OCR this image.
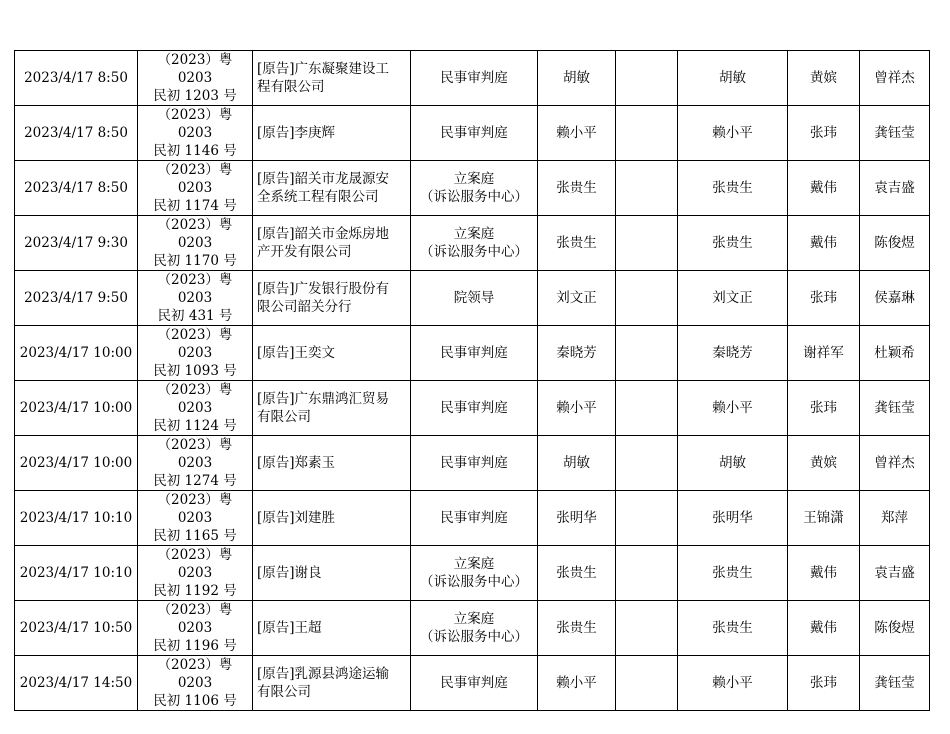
2023/4/17 8:50	（2023）粤 0203
民初 1203 号	[原告]广东凝聚建设工
程有限公司	民事审判庭	胡敏		胡敏	黄嫔	曾祥杰
2023/4/17 8:50	（2023）粤 0203
民初 1146 号	[原告]李庚辉	民事审判庭	赖小平		赖小平	张玮	龚钰莹
2023/4/17 8:50	（2023）粤 0203
民初 1174 号	[原告]韶关市龙晟源安
全系统工程有限公司	立案庭
（诉讼服务中心）	张贵生		张贵生	戴伟	袁吉盛
2023/4/17 9:30	（2023）粤 0203
民初 1170 号	[原告]韶关市金烁房地
产开发有限公司	立案庭
（诉讼服务中心）	张贵生		张贵生	戴伟	陈俊煜
2023/4/17 9:50	（2023）粤 0203
民初 431 号	[原告]广发银行股份有
限公司韶关分行	院领导	刘文正		刘文正	张玮	侯嘉琳
2023/4/17 10:00	（2023）粤 0203
民初 1093 号	[原告]王奕文	民事审判庭	秦晓芳		秦晓芳	谢祥军	杜颖希
2023/4/17 10:00	（2023）粤 0203
民初 1124 号	[原告]广东鼎鸿汇贸易
有限公司	民事审判庭	赖小平		赖小平	张玮	龚钰莹
2023/4/17 10:00	（2023）粤 0203
民初 1274 号	[原告]郑素玉	民事审判庭	胡敏		胡敏	黄嫔	曾祥杰
2023/4/17 10:10	（2023）粤 0203
民初 1165 号	[原告]刘建胜	民事审判庭	张明华		张明华	王锦潇	郑萍
2023/4/17 10:10	（2023）粤 0203
民初 1192 号	[原告]谢良	立案庭
（诉讼服务中心）	张贵生		张贵生	戴伟	袁吉盛
2023/4/17 10:50	（2023）粤 0203
民初 1196 号	[原告]王超	立案庭
（诉讼服务中心）	张贵生		张贵生	戴伟	陈俊煜
2023/4/17 14:50	（2023）粤 0203
民初 1106 号	[原告]乳源县鸿途运输
有限公司	民事审判庭	赖小平		赖小平	张玮	龚钰莹
